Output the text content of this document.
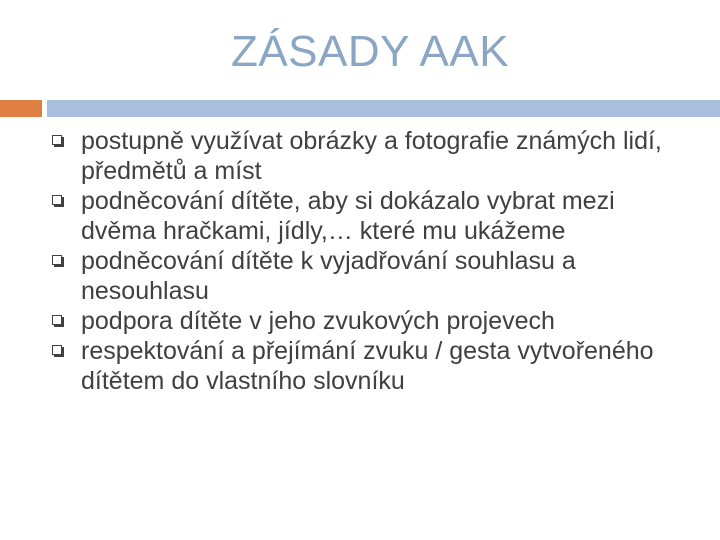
ZÁSADY AAK
postupně využívat obrázky a fotografie známých lidí, předmětů a míst
podněcování dítěte, aby si dokázalo vybrat mezi dvěma hračkami, jídly,… které mu ukážeme
podněcování dítěte k vyjadřování souhlasu a nesouhlasu
podpora dítěte v jeho zvukových projevech
respektování a přejímání zvuku / gesta vytvořeného dítětem do vlastního slovníku
